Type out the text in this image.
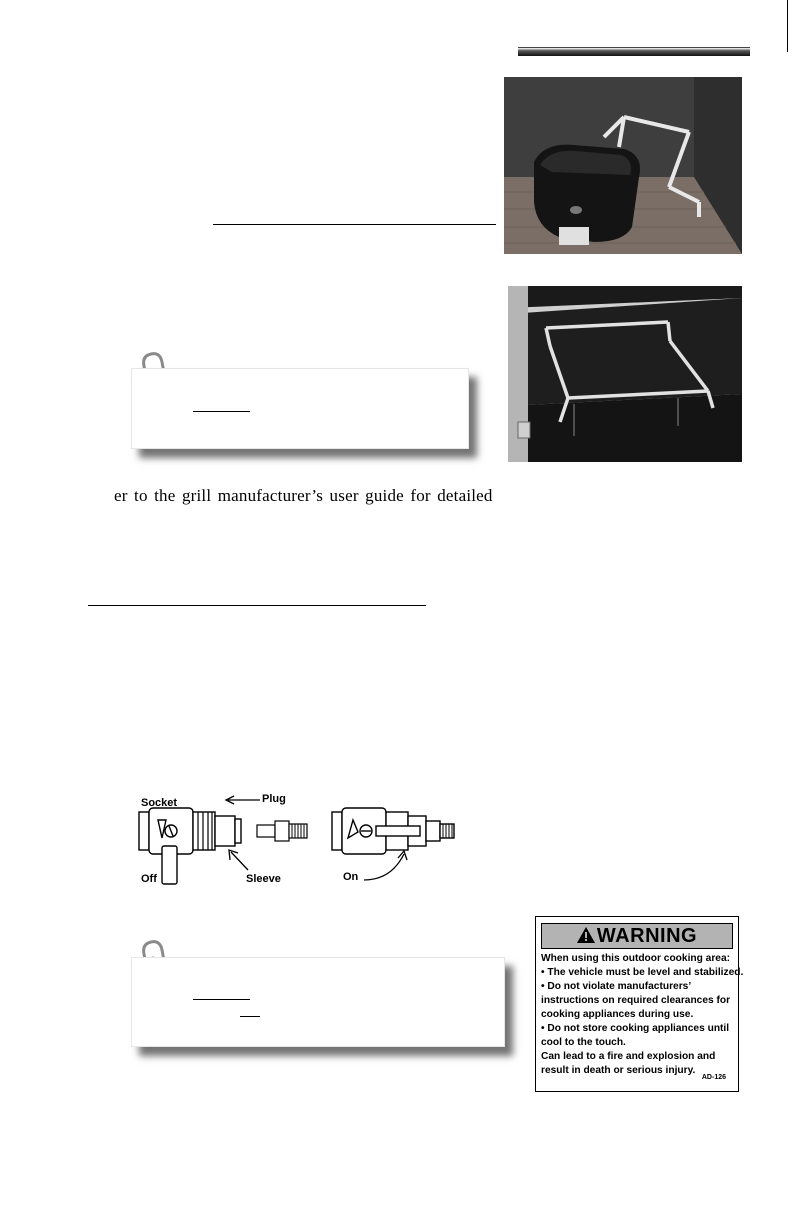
er to the grill manufacturer’s user guide for detailed
Socket	Plug
Off	Sleeve	On
WARNING
When using this outdoor cooking area:
• The vehicle must be level and stabilized.
• Do not violate manufacturers’
instructions on required clearances for
cooking appliances during use.
• Do not store cooking appliances until
cool to the touch.
Can lead to a fire and explosion and
result in death or serious injury.
AD-126
